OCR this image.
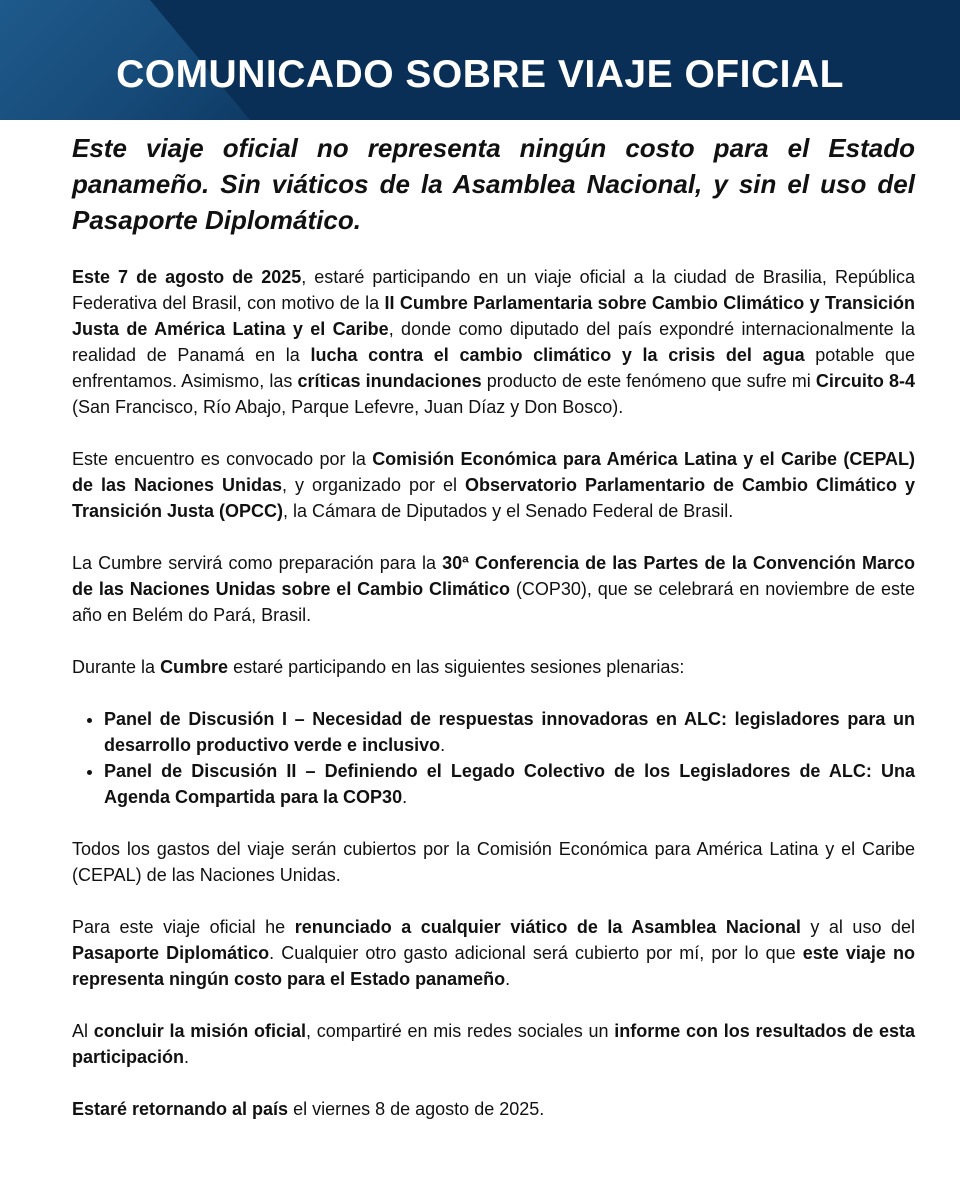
COMUNICADO SOBRE VIAJE OFICIAL

Este viaje oficial no representa ningún costo para el Estado panameño. Sin viáticos de la Asamblea Nacional, y sin el uso del Pasaporte Diplomático.

Este 7 de agosto de 2025, estaré participando en un viaje oficial a la ciudad de Brasilia, República Federativa del Brasil, con motivo de la II Cumbre Parlamentaria sobre Cambio Climático y Transición Justa de América Latina y el Caribe, donde como diputado del país expondré internacionalmente la realidad de Panamá en la lucha contra el cambio climático y la crisis del agua potable que enfrentamos. Asimismo, las críticas inundaciones producto de este fenómeno que sufre mi Circuito 8-4 (San Francisco, Río Abajo, Parque Lefevre, Juan Díaz y Don Bosco).

Este encuentro es convocado por la Comisión Económica para América Latina y el Caribe (CEPAL) de las Naciones Unidas, y organizado por el Observatorio Parlamentario de Cambio Climático y Transición Justa (OPCC), la Cámara de Diputados y el Senado Federal de Brasil.

La Cumbre servirá como preparación para la 30ª Conferencia de las Partes de la Convención Marco de las Naciones Unidas sobre el Cambio Climático (COP30), que se celebrará en noviembre de este año en Belém do Pará, Brasil.

Durante la Cumbre estaré participando en las siguientes sesiones plenarias:

• Panel de Discusión I – Necesidad de respuestas innovadoras en ALC: legisladores para un desarrollo productivo verde e inclusivo.
• Panel de Discusión II – Definiendo el Legado Colectivo de los Legisladores de ALC: Una Agenda Compartida para la COP30.

Todos los gastos del viaje serán cubiertos por la Comisión Económica para América Latina y el Caribe (CEPAL) de las Naciones Unidas.

Para este viaje oficial he renunciado a cualquier viático de la Asamblea Nacional y al uso del Pasaporte Diplomático. Cualquier otro gasto adicional será cubierto por mí, por lo que este viaje no representa ningún costo para el Estado panameño.

Al concluir la misión oficial, compartiré en mis redes sociales un informe con los resultados de esta participación.

Estaré retornando al país el viernes 8 de agosto de 2025.
